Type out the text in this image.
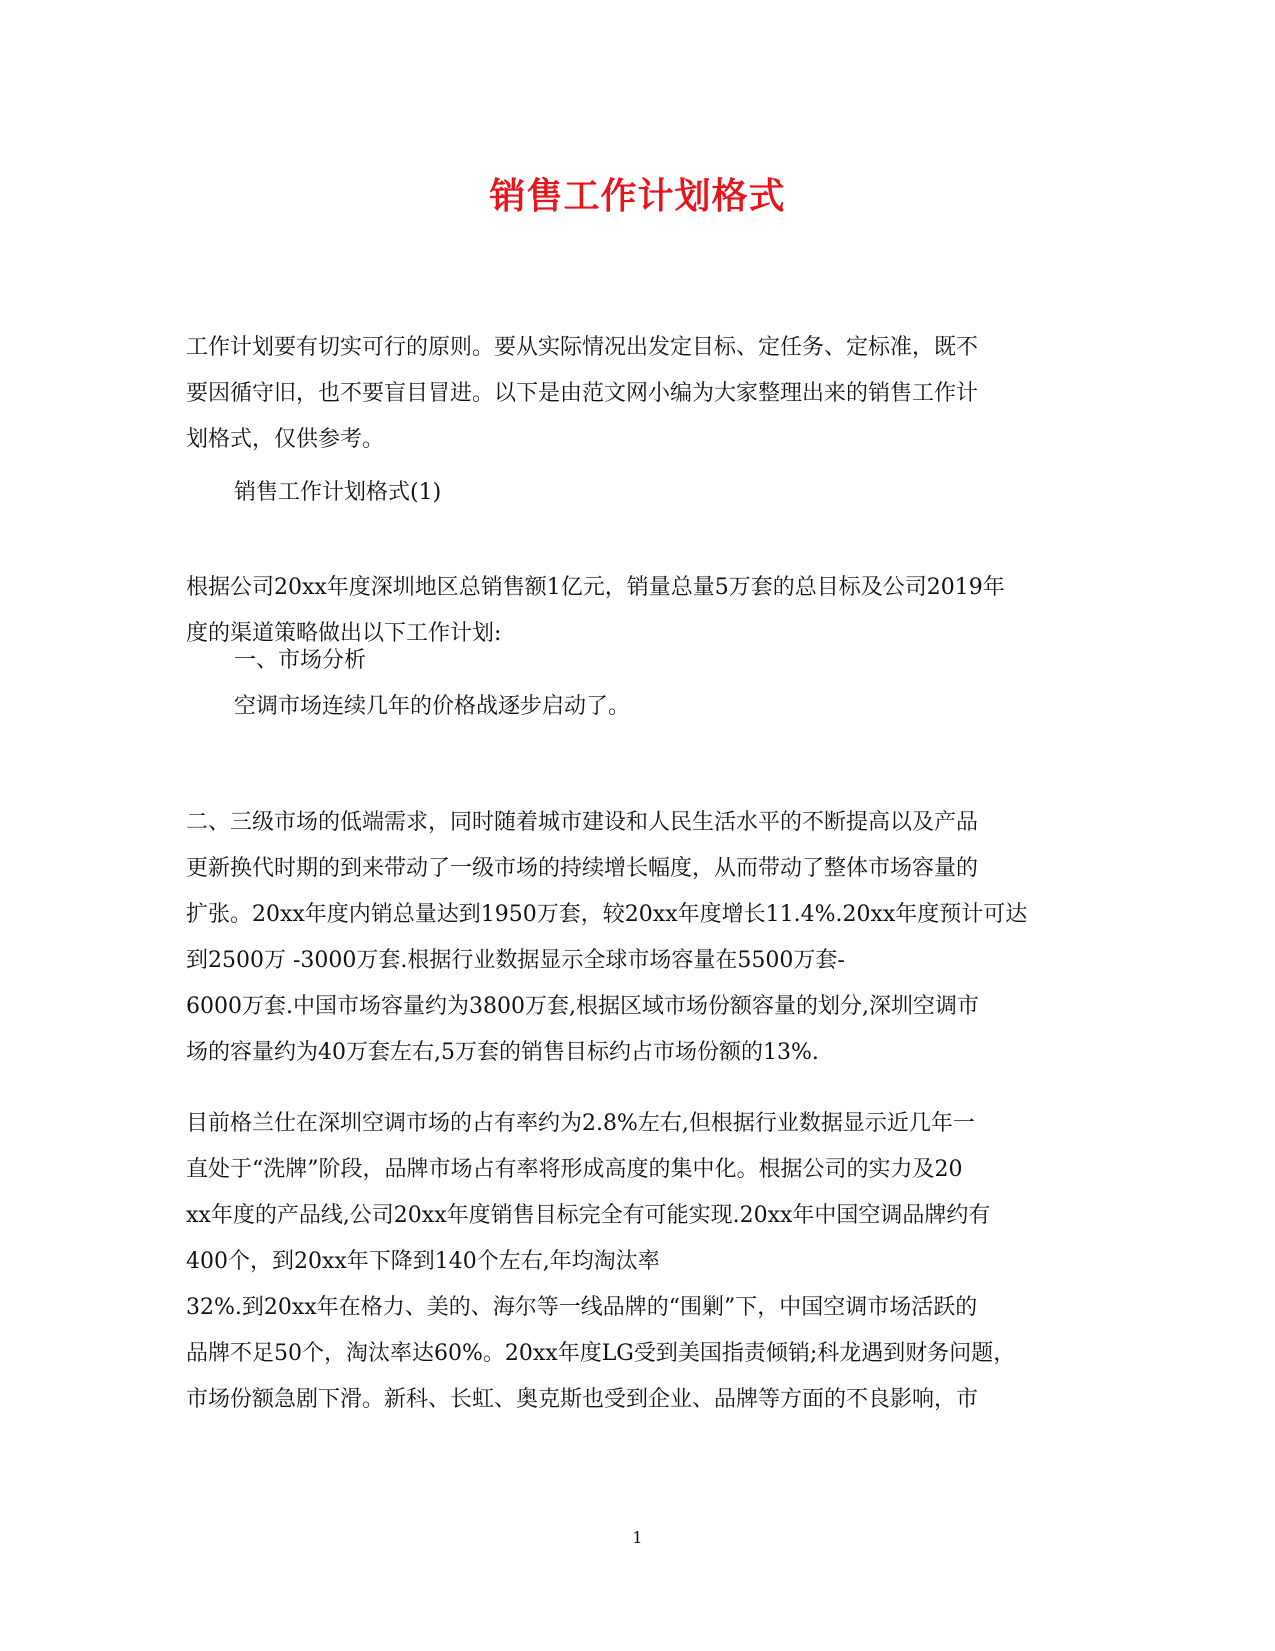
销售工作计划格式

工作计划要有切实可行的原则。要从实际情况出发定目标、定任务、定标准，既不
要因循守旧，也不要盲目冒进。以下是由范文网小编为大家整理出来的销售工作计
划格式，仅供参考。

销售工作计划格式(1)

根据公司20xx年度深圳地区总销售额1亿元，销量总量5万套的总目标及公司2019年
度的渠道策略做出以下工作计划:

一、市场分析

空调市场连续几年的价格战逐步启动了。

二、三级市场的低端需求，同时随着城市建设和人民生活水平的不断提高以及产品
更新换代时期的到来带动了一级市场的持续增长幅度，从而带动了整体市场容量的
扩张。20xx年度内销总量达到1950万套，较20xx年度增长11.4%.20xx年度预计可达
到2500万 -3000万套.根据行业数据显示全球市场容量在5500万套-
6000万套.中国市场容量约为3800万套,根据区域市场份额容量的划分,深圳空调市
场的容量约为40万套左右,5万套的销售目标约占市场份额的13%.

目前格兰仕在深圳空调市场的占有率约为2.8%左右,但根据行业数据显示近几年一
直处于“洗牌”阶段，品牌市场占有率将形成高度的集中化。根据公司的实力及20
xx年度的产品线,公司20xx年度销售目标完全有可能实现.20xx年中国空调品牌约有
400个，到20xx年下降到140个左右,年均淘汰率
32%.到20xx年在格力、美的、海尔等一线品牌的“围剿”下，中国空调市场活跃的
品牌不足50个，淘汰率达60%。20xx年度LG受到美国指责倾销;科龙遇到财务问题，
市场份额急剧下滑。新科、长虹、奥克斯也受到企业、品牌等方面的不良影响，市

1
